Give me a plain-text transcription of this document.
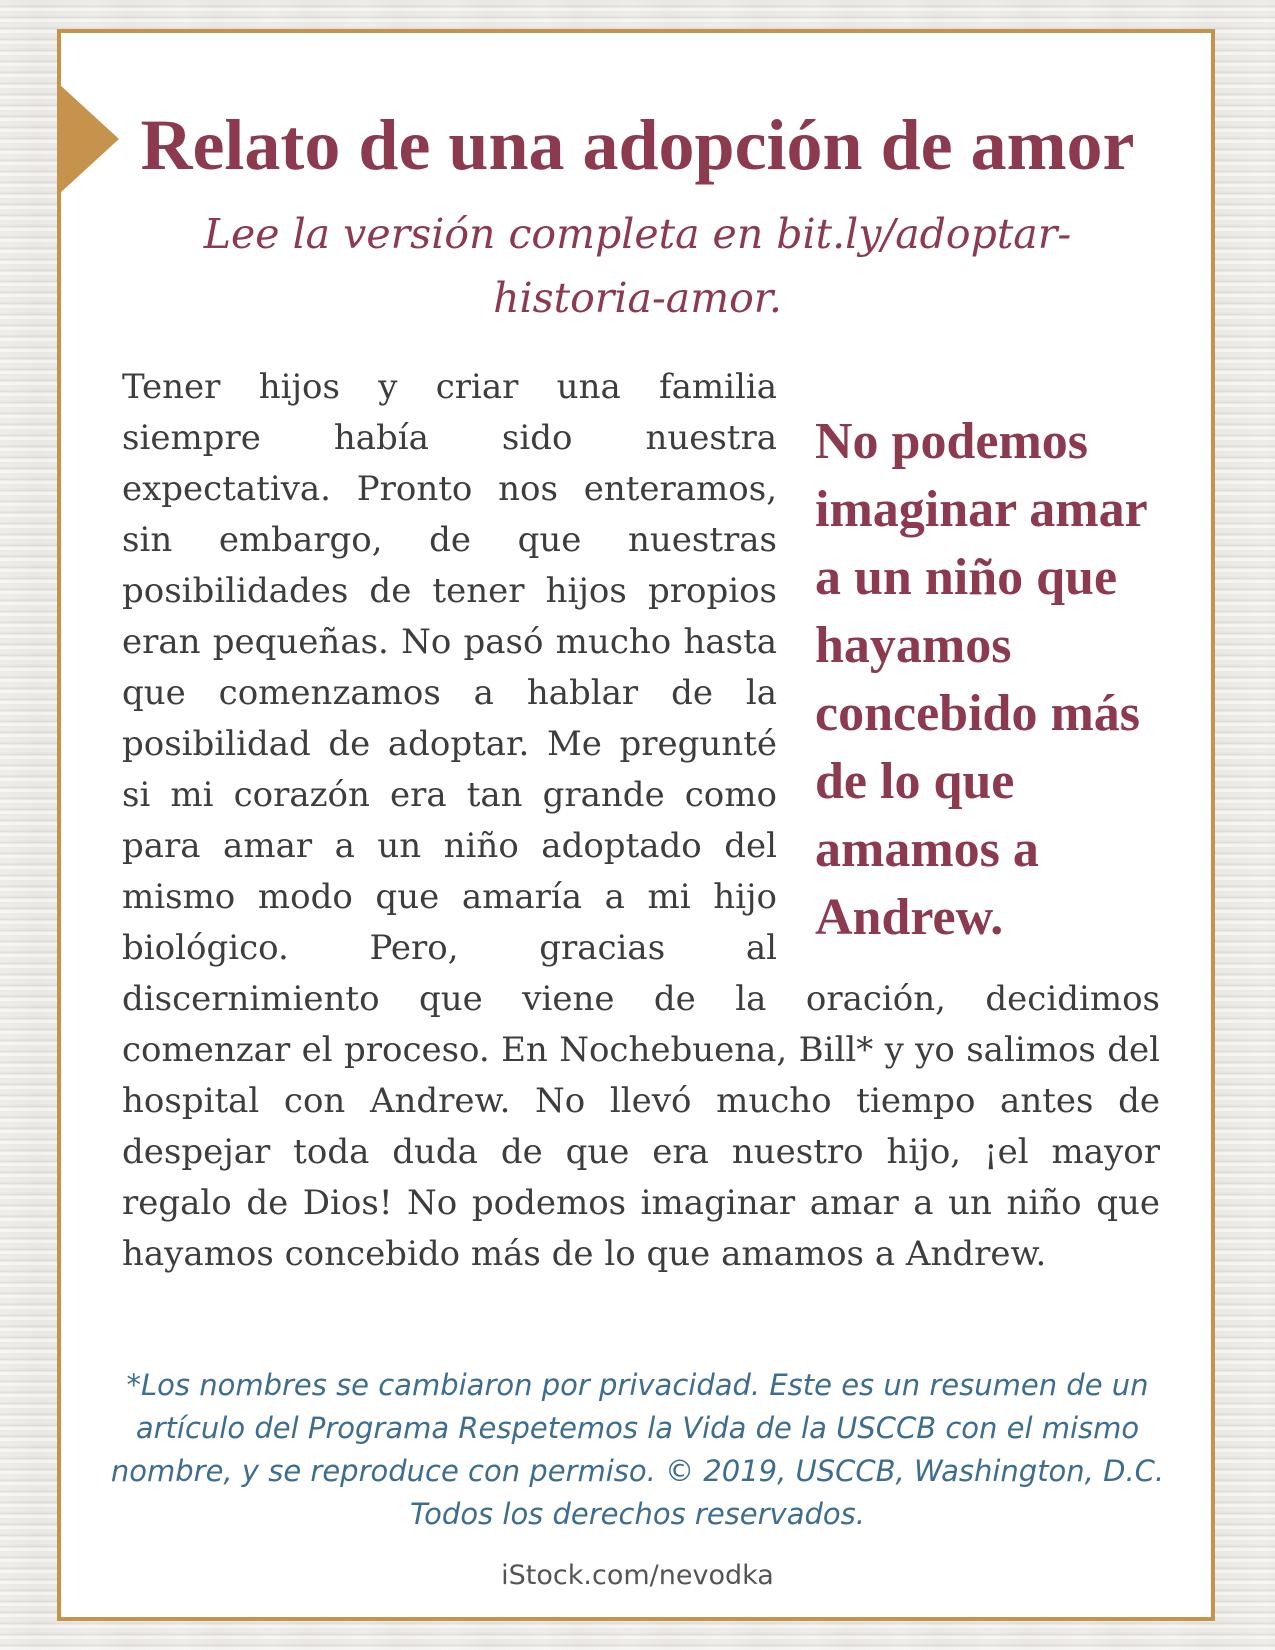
Relato de una adopción de amor

Lee la versión completa en bit.ly/adoptar-historia-amor.

No podemos imaginar amar a un niño que hayamos concebido más de lo que amamos a Andrew.

Tener hijos y criar una familia siempre había sido nuestra expectativa. Pronto nos enteramos, sin embargo, de que nuestras posibilidades de tener hijos propios eran pequeñas. No pasó mucho hasta que comenzamos a hablar de la posibilidad de adoptar. Me pregunté si mi corazón era tan grande como para amar a un niño adoptado del mismo modo que amaría a mi hijo biológico. Pero, gracias al discernimiento que viene de la oración, decidimos comenzar el proceso. En Nochebuena, Bill* y yo salimos del hospital con Andrew. No llevó mucho tiempo antes de despejar toda duda de que era nuestro hijo, ¡el mayor regalo de Dios! No podemos imaginar amar a un niño que hayamos concebido más de lo que amamos a Andrew.

*Los nombres se cambiaron por privacidad. Este es un resumen de un artículo del Programa Respetemos la Vida de la USCCB con el mismo nombre, y se reproduce con permiso. © 2019, USCCB, Washington, D.C. Todos los derechos reservados.

iStock.com/nevodka
